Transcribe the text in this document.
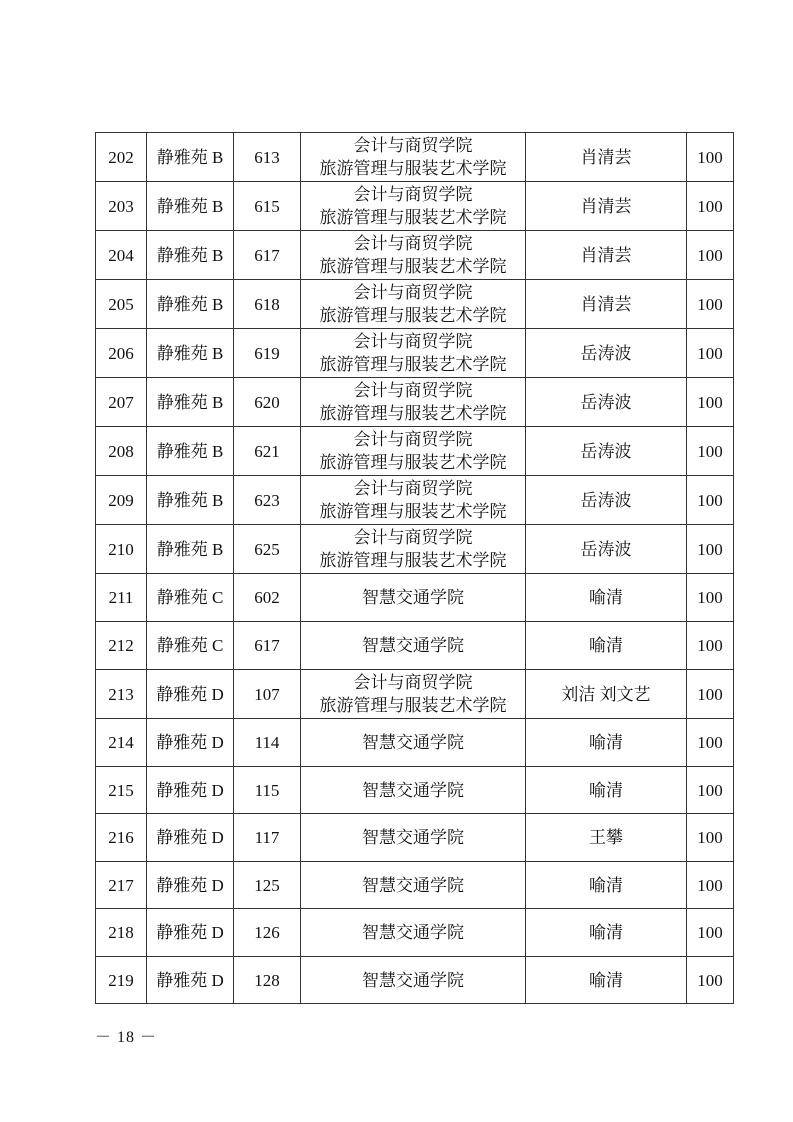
202	静雅苑 B	613	会计与商贸学院
旅游管理与服装艺术学院	肖清芸	100
203	静雅苑 B	615	会计与商贸学院
旅游管理与服装艺术学院	肖清芸	100
204	静雅苑 B	617	会计与商贸学院
旅游管理与服装艺术学院	肖清芸	100
205	静雅苑 B	618	会计与商贸学院
旅游管理与服装艺术学院	肖清芸	100
206	静雅苑 B	619	会计与商贸学院
旅游管理与服装艺术学院	岳涛波	100
207	静雅苑 B	620	会计与商贸学院
旅游管理与服装艺术学院	岳涛波	100
208	静雅苑 B	621	会计与商贸学院
旅游管理与服装艺术学院	岳涛波	100
209	静雅苑 B	623	会计与商贸学院
旅游管理与服装艺术学院	岳涛波	100
210	静雅苑 B	625	会计与商贸学院
旅游管理与服装艺术学院	岳涛波	100
211	静雅苑 C	602	智慧交通学院	喻清	100
212	静雅苑 C	617	智慧交通学院	喻清	100
213	静雅苑 D	107	会计与商贸学院
旅游管理与服装艺术学院	刘洁 刘文艺	100
214	静雅苑 D	114	智慧交通学院	喻清	100
215	静雅苑 D	115	智慧交通学院	喻清	100
216	静雅苑 D	117	智慧交通学院	王攀	100
217	静雅苑 D	125	智慧交通学院	喻清	100
218	静雅苑 D	126	智慧交通学院	喻清	100
219	静雅苑 D	128	智慧交通学院	喻清	100
－ 18 －
